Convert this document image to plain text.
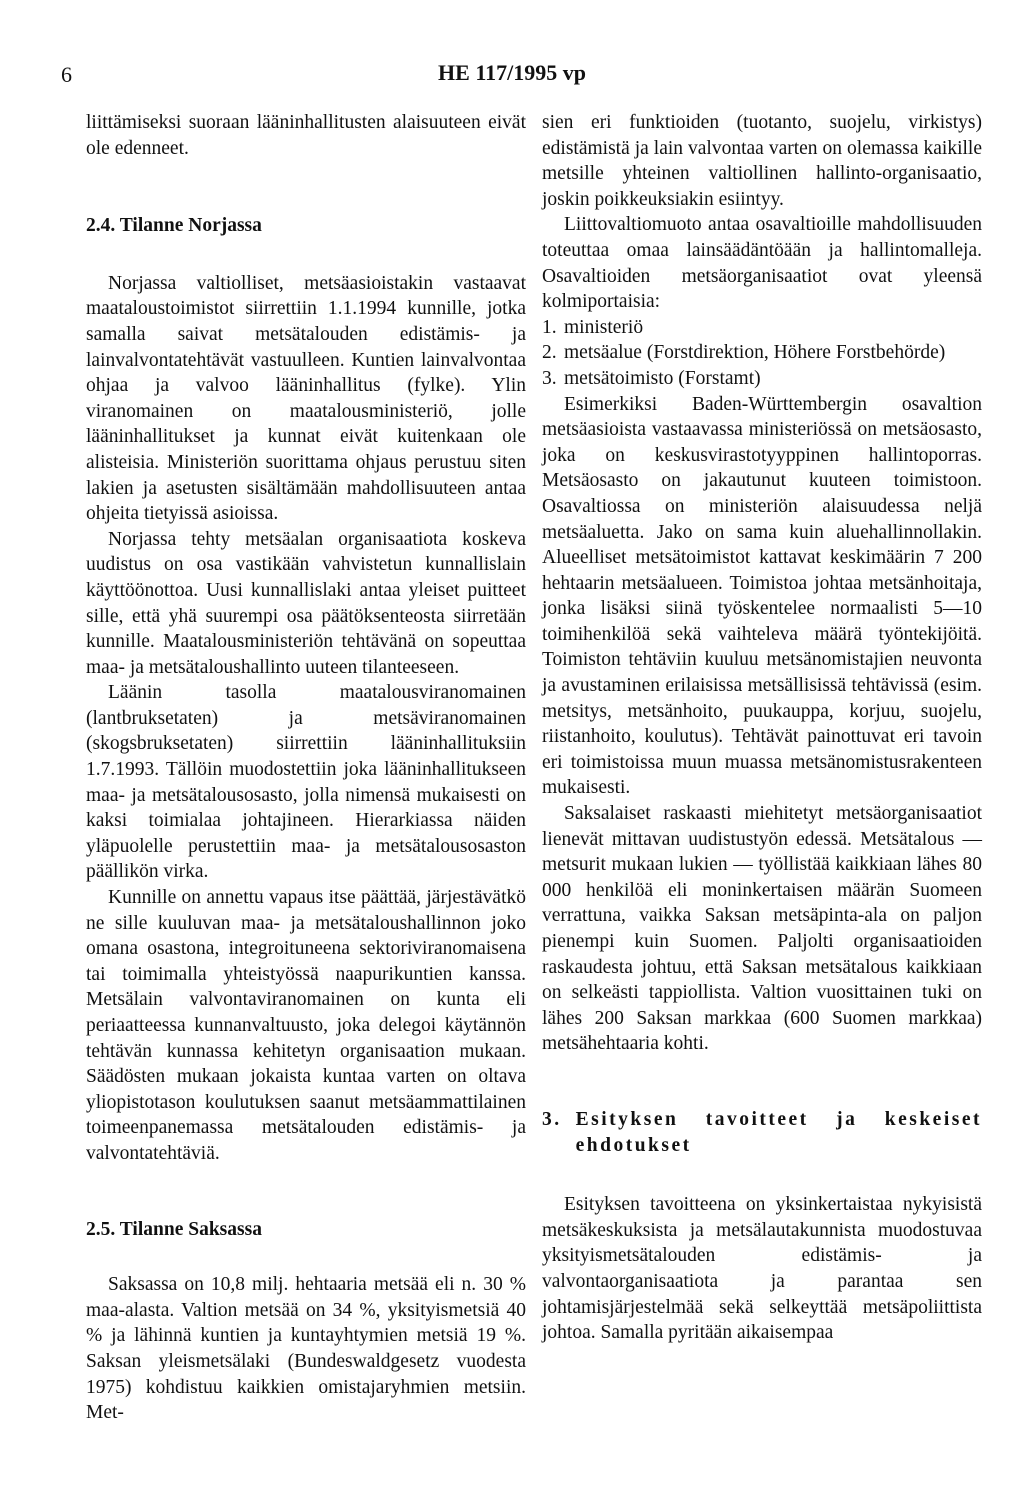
6	HE 117/1995 vp

liittämiseksi suoraan lääninhallitusten alaisuuteen eivät ole edenneet.

2.4. Tilanne Norjassa

Norjassa valtiolliset, metsäasioistakin vastaavat maataloustoimistot siirrettiin 1.1.1994 kunnille, jotka samalla saivat metsätalouden edistämis- ja lainvalvontatehtävät vastuulleen. Kuntien lainvalvontaa ohjaa ja valvoo lääninhallitus (fylke). Ylin viranomainen on maatalousministeriö, jolle lääninhallitukset ja kunnat eivät kuitenkaan ole alisteisia. Ministeriön suorittama ohjaus perustuu siten lakien ja asetusten sisältämään mahdollisuuteen antaa ohjeita tietyissä asioissa.

Norjassa tehty metsäalan organisaatiota koskeva uudistus on osa vastikään vahvistetun kunnallislain käyttöönottoa. Uusi kunnallislaki antaa yleiset puitteet sille, että yhä suurempi osa päätöksenteosta siirretään kunnille. Maatalousministeriön tehtävänä on sopeuttaa maa- ja metsätaloushallinto uuteen tilanteeseen.

Läänin tasolla maatalousviranomainen (lantbruksetaten) ja metsäviranomainen (skogsbruksetaten) siirrettiin lääninhallituksiin 1.7.1993. Tällöin muodostettiin joka lääninhallitukseen maa- ja metsätalousosasto, jolla nimensä mukaisesti on kaksi toimialaa johtajineen. Hierarkiassa näiden yläpuolelle perustettiin maa- ja metsätalousosaston päällikön virka.

Kunnille on annettu vapaus itse päättää, järjestävätkö ne sille kuuluvan maa- ja metsätaloushallinnon joko omana osastona, integroituneena sektoriviranomaisena tai toimimalla yhteistyössä naapurikuntien kanssa. Metsälain valvontaviranomainen on kunta eli periaatteessa kunnanvaltuusto, joka delegoi käytännön tehtävän kunnassa kehitetyn organisaation mukaan. Säädösten mukaan jokaista kuntaa varten on oltava yliopistotason koulutuksen saanut metsäammattilainen toimeenpanemassa metsätalouden edistämis- ja valvontatehtäviä.

2.5. Tilanne Saksassa

Saksassa on 10,8 milj. hehtaaria metsää eli n. 30 % maa-alasta. Valtion metsää on 34 %, yksityismetsiä 40 % ja lähinnä kuntien ja kuntayhtymien metsiä 19 %. Saksan yleismetsälaki (Bundeswaldgesetz vuodesta 1975) kohdistuu kaikkien omistajaryhmien metsiin. Met-

sien eri funktioiden (tuotanto, suojelu, virkistys) edistämistä ja lain valvontaa varten on olemassa kaikille metsille yhteinen valtiollinen hallinto-organisaatio, joskin poikkeuksiakin esiintyy.

Liittovaltiomuoto antaa osavaltioille mahdollisuuden toteuttaa omaa lainsäädäntöään ja hallintomalleja. Osavaltioiden metsäorganisaatiot ovat yleensä kolmiportaisia:

1. ministeriö
2. metsäalue (Forstdirektion, Höhere Forstbehörde)
3. metsätoimisto (Forstamt)

Esimerkiksi Baden-Württembergin osavaltion metsäasioista vastaavassa ministeriössä on metsäosasto, joka on keskusvirastotyyppinen hallintoporras. Metsäosasto on jakautunut kuuteen toimistoon. Osavaltiossa on ministeriön alaisuudessa neljä metsäaluetta. Jako on sama kuin aluehallinnollakin. Alueelliset metsätoimistot kattavat keskimäärin 7 200 hehtaarin metsäalueen. Toimistoa johtaa metsänhoitaja, jonka lisäksi siinä työskentelee normaalisti 5—10 toimihenkilöä sekä vaihteleva määrä työntekijöitä. Toimiston tehtäviin kuuluu metsänomistajien neuvonta ja avustaminen erilaisissa metsällisissä tehtävissä (esim. metsitys, metsänhoito, puukauppa, korjuu, suojelu, riistanhoito, koulutus). Tehtävät painottuvat eri tavoin eri toimistoissa muun muassa metsänomistusrakenteen mukaisesti.

Saksalaiset raskaasti miehitetyt metsäorganisaatiot lienevät mittavan uudistustyön edessä. Metsätalous — metsurit mukaan lukien — työllistää kaikkiaan lähes 80 000 henkilöä eli moninkertaisen määrän Suomeen verrattuna, vaikka Saksan metsäpinta-ala on paljon pienempi kuin Suomen. Paljolti organisaatioiden raskaudesta johtuu, että Saksan metsätalous kaikkiaan on selkeästi tappiollista. Valtion vuosittainen tuki on lähes 200 Saksan markkaa (600 Suomen markkaa) metsähehtaaria kohti.

3. Esityksen tavoitteet ja keskeiset ehdotukset

Esityksen tavoitteena on yksinkertaistaa nykyisistä metsäkeskuksista ja metsälautakunnista muodostuvaa yksityismetsätalouden edistämis- ja valvontaorganisaatiota ja parantaa sen johtamisjärjestelmää sekä selkeyttää metsäpoliittista johtoa. Samalla pyritään aikaisempaa
